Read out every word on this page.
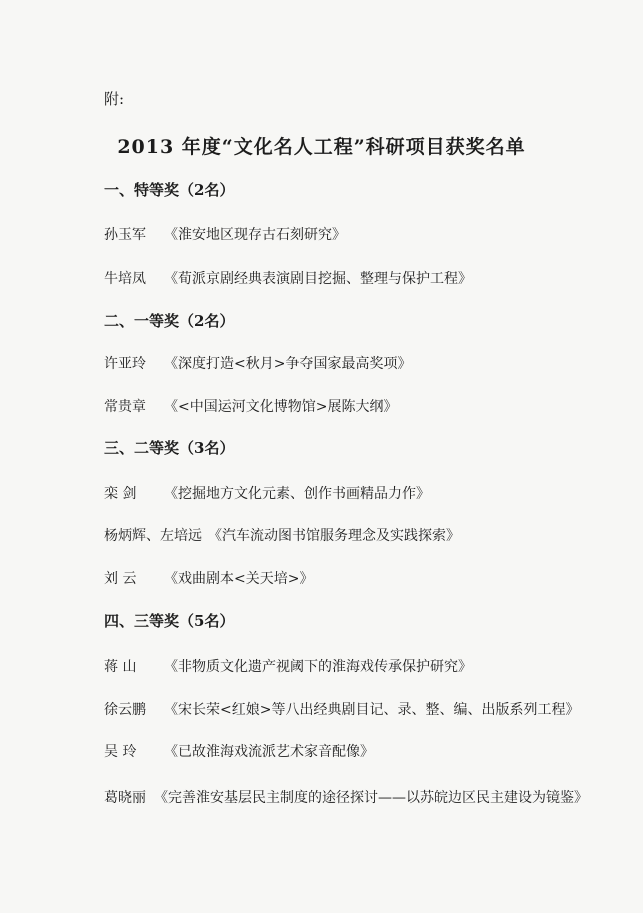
附:
2013 年度“文化名人工程”科研项目获奖名单
一、特等奖（2名）
孙玉军 《淮安地区现存古石刻研究》
牛培凤 《荀派京剧经典表演剧目挖掘、整理与保护工程》
二、一等奖（2名）
许亚玲 《深度打造<秋月>争夺国家最高奖项》
常贵章 《<中国运河文化博物馆>展陈大纲》
三、二等奖（3名）
栾 剑 《挖掘地方文化元素、创作书画精品力作》
杨炳辉、左培远 《汽车流动图书馆服务理念及实践探索》
刘 云 《戏曲剧本<关天培>》
四、三等奖（5名）
蒋 山 《非物质文化遗产视阈下的淮海戏传承保护研究》
徐云鹏 《宋长荣<红娘>等八出经典剧目记、录、整、编、出版系列工程》
吴 玲 《已故淮海戏流派艺术家音配像》
葛晓丽 《完善淮安基层民主制度的途径探讨——以苏皖边区民主建设为镜鉴》
